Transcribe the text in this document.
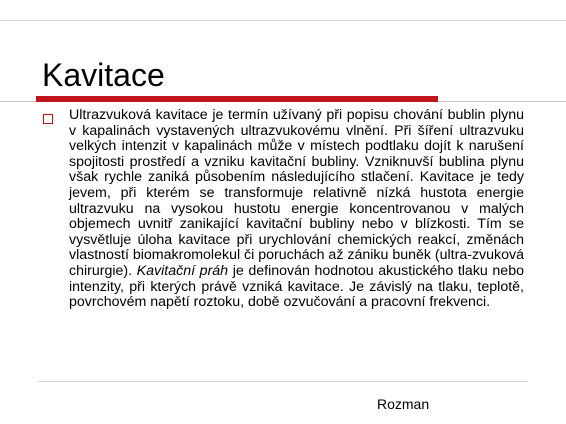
Kavitace

Ultrazvuková kavitace je termín užívaný při popisu chování bublin plynu v kapalinách vystavených ultrazvukovému vlnění. Při šíření ultrazvuku velkých intenzit v kapalinách může v místech podtlaku dojít k narušení spojitosti prostředí a vzniku kavitační bubliny. Vzniknuvší bublina plynu však rychle zaniká působením následujícího stlačení. Kavitace je tedy jevem, při kterém se transformuje relativně nízká hustota energie ultrazvuku na vysokou hustotu energie koncentrovanou v malých objemech uvnitř zanikající kavitační bubliny nebo v blízkosti. Tím se vysvětluje úloha kavitace při urychlování chemických reakcí, změnách vlastností biomakromolekul či poruchách až zániku buněk (ultra-zvuková chirurgie). Kavitační práh je definován hodnotou akustického tlaku nebo intenzity, při kterých právě vzniká kavitace. Je závislý na tlaku, teplotě, povrchovém napětí roztoku, době ozvučování a pracovní frekvenci.

Rozman
